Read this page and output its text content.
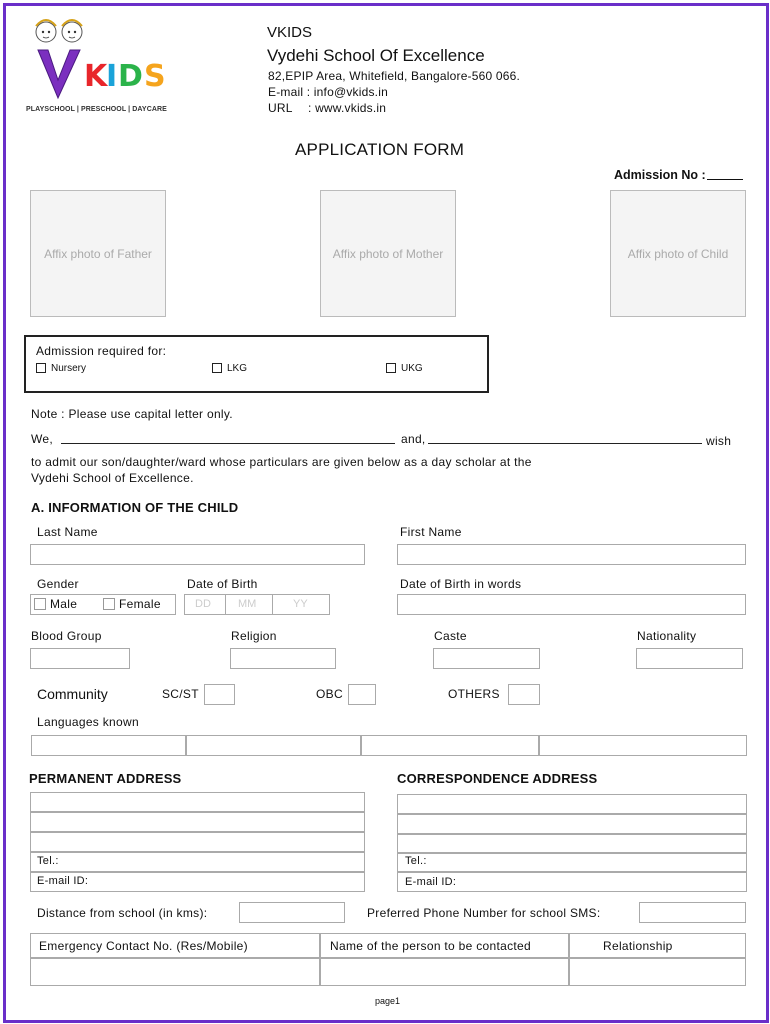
K
I D S
PLAYSCHOOL | PRESCHOOL | DAYCARE
VKIDS
Vydehi School Of Excellence
82,EPIP Area, Whitefield, Bangalore-560 066.
E-mail : info@vkids.in
URL : www.vkids.in
APPLICATION FORM
Admission No :
Affix photo of Father	Affix photo of Mother	Affix photo of Child
Admission required for:
Nursery	LKG	UKG
Note : Please use capital letter only.
We,	and,	wish
to admit our son/daughter/ward whose particulars are given below as a day scholar at the
Vydehi School of Excellence.
A. INFORMATION OF THE CHILD
Last Name	First Name
Gender
Male	Female
Date of Birth
DD MM	YY
Date of Birth in words
Blood Group	Religion	Caste	Nationality
Community	SC/ST	OBC	OTHERS
Languages known
PERMANENT ADDRESS	CORRESPONDENCE ADDRESS
Tel.:
E-mail ID:
Tel.:
E-mail ID:
Distance from school (in kms):	Preferred Phone Number for school SMS:
Emergency Contact No. (Res/Mobile)	Name of the person to be contacted	Relationship
page1
